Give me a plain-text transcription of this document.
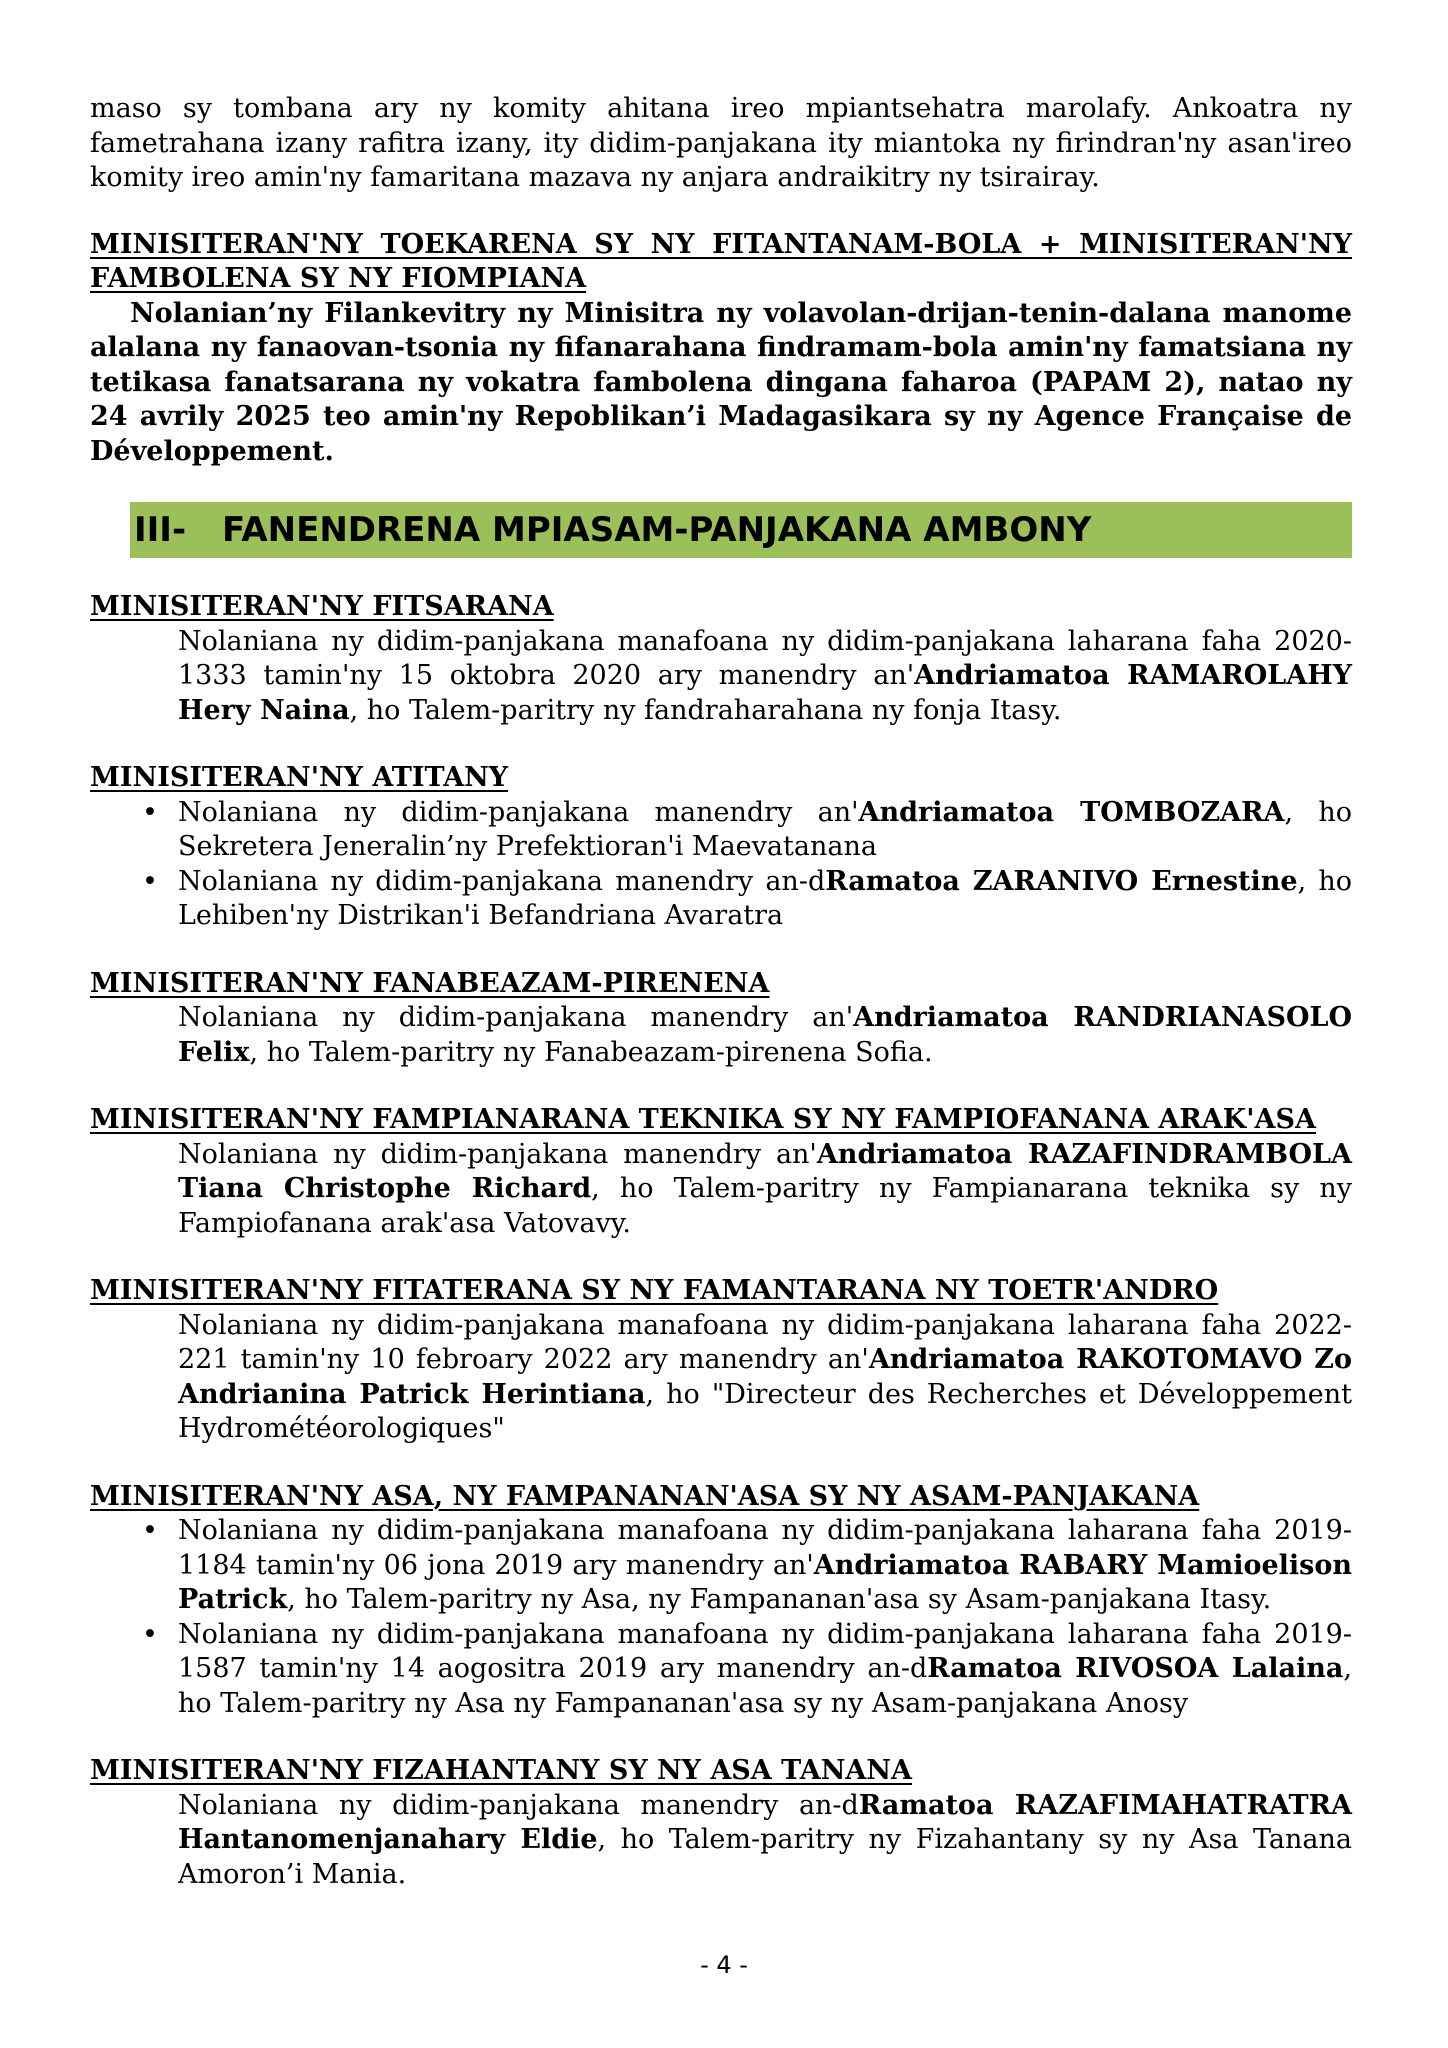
maso sy tombana ary ny komity ahitana ireo mpiantsehatra marolafy. Ankoatra ny fametrahana izany rafitra izany, ity didim-panjakana ity miantoka ny firindran'ny asan'ireo komity ireo amin'ny famaritana mazava ny anjara andraikitry ny tsirairay.

MINISITERAN'NY TOEKARENA SY NY FITANTANAM-BOLA + MINISITERAN'NY FAMBOLENA SY NY FIOMPIANA

Nolanian’ny Filankevitry ny Minisitra ny volavolan-drijan-tenin-dalana manome alalana ny fanaovan-tsonia ny fifanarahana findramam-bola amin'ny famatsiana ny tetikasa fanatsarana ny vokatra fambolena dingana faharoa (PAPAM 2), natao ny 24 avrily 2025 teo amin'ny Repoblikan’i Madagasikara sy ny Agence Française de Développement.

III-	FANENDRENA MPIASAM-PANJAKANA AMBONY
MINISITERAN'NY FITSARANA

Nolaniana ny didim-panjakana manafoana ny didim-panjakana laharana faha 2020-1333 tamin'ny 15 oktobra 2020 ary manendry an'Andriamatoa RAMAROLAHY Hery Naina, ho Talem-paritry ny fandraharahana ny fonja Itasy.

MINISITERAN'NY ATITANY
• Nolaniana ny didim-panjakana manendry an'Andriamatoa TOMBOZARA, ho Sekretera Jeneralin’ny Prefektioran'i Maevatanana
• Nolaniana ny didim-panjakana manendry an-dRamatoa ZARANIVO Ernestine, ho Lehiben'ny Distrikan'i Befandriana Avaratra
MINISITERAN'NY FANABEAZAM-PIRENENA

Nolaniana ny didim-panjakana manendry an'Andriamatoa RANDRIANASOLO Felix, ho Talem-paritry ny Fanabeazam-pirenena Sofia.

MINISITERAN'NY FAMPIANARANA TEKNIKA SY NY FAMPIOFANANA ARAK'ASA

Nolaniana ny didim-panjakana manendry an'Andriamatoa RAZAFINDRAMBOLA Tiana Christophe Richard, ho Talem-paritry ny Fampianarana teknika sy ny Fampiofanana arak'asa Vatovavy.

MINISITERAN'NY FITATERANA SY NY FAMANTARANA NY TOETR'ANDRO

Nolaniana ny didim-panjakana manafoana ny didim-panjakana laharana faha 2022-221 tamin'ny 10 febroary 2022 ary manendry an'Andriamatoa RAKOTOMAVO Zo Andrianina Patrick Herintiana, ho "Directeur des Recherches et Développement Hydrométéorologiques"

MINISITERAN'NY ASA, NY FAMPANANAN'ASA SY NY ASAM-PANJAKANA
• Nolaniana ny didim-panjakana manafoana ny didim-panjakana laharana faha 2019-1184 tamin'ny 06 jona 2019 ary manendry an'Andriamatoa RABARY Mamioelison Patrick, ho Talem-paritry ny Asa, ny Fampananan'asa sy Asam-panjakana Itasy.
• Nolaniana ny didim-panjakana manafoana ny didim-panjakana laharana faha 2019-1587 tamin'ny 14 aogositra 2019 ary manendry an-dRamatoa RIVOSOA Lalaina, ho Talem-paritry ny Asa ny Fampananan'asa sy ny Asam-panjakana Anosy
MINISITERAN'NY FIZAHANTANY SY NY ASA TANANA

Nolaniana ny didim-panjakana manendry an-dRamatoa RAZAFIMAHATRATRA Hantanomenjanahary Eldie, ho Talem-paritry ny Fizahantany sy ny Asa Tanana Amoron’i Mania.

- 4 -
